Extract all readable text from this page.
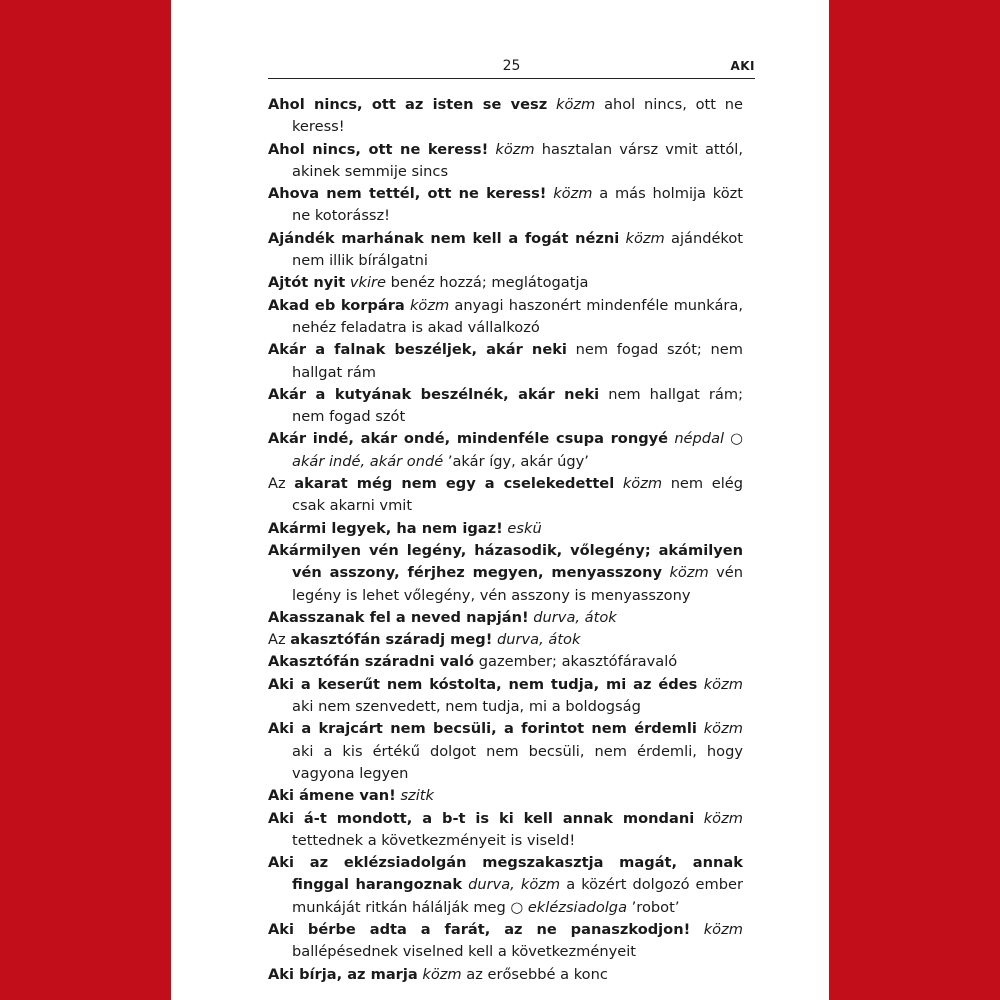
25	AKI

Ahol nincs, ott az isten se vesz közm ahol nincs, ott ne keress!

Ahol nincs, ott ne keress! közm hasztalan vársz vmit attól, akinek semmije sincs

Ahova nem tettél, ott ne keress! közm a más holmija közt ne kotorássz!

Ajándék marhának nem kell a fogát nézni közm ajándékot nem illik bírálgatni

Ajtót nyit vkire benéz hozzá; meglátogatja

Akad eb korpára közm anyagi haszonért mindenféle munkára, nehéz feladatra is akad vállalkozó

Akár a falnak beszéljek, akár neki nem fogad szót; nem hallgat rám

Akár a kutyának beszélnék, akár neki nem hallgat rám; nem fogad szót

Akár indé, akár ondé, mindenféle csupa rongyé népdal ○ akár indé, akár ondé ’akár így, akár úgy’

Az akarat még nem egy a cselekedettel közm nem elég csak akarni vmit

Akármi legyek, ha nem igaz! eskü

Akármilyen vén legény, házasodik, vőlegény; akámilyen vén asszony, férjhez megyen, menyasszony közm vén legény is lehet vőlegény, vén asszony is menyasszony

Akasszanak fel a neved napján! durva, átok

Az akasztófán száradj meg! durva, átok

Akasztófán száradni való gazember; akasztófáravaló

Aki a keserűt nem kóstolta, nem tudja, mi az édes közm aki nem szenvedett, nem tudja, mi a boldogság

Aki a krajcárt nem becsüli, a forintot nem érdemli közm aki a kis értékű dolgot nem becsüli, nem érdemli, hogy vagyona legyen

Aki ámene van! szitk

Aki á-t mondott, a b-t is ki kell annak mondani közm tettednek a következményeit is viseld!

Aki az eklézsiadolgán megszakasztja magát, annak finggal harangoznak durva, közm a közért dolgozó ember munkáját ritkán hálálják meg ○ eklézsiadolga ’robot’

Aki bérbe adta a farát, az ne panaszkodjon! közm ballépésednek viselned kell a következményeit

Aki bírja, az marja közm az erősebbé a konc
